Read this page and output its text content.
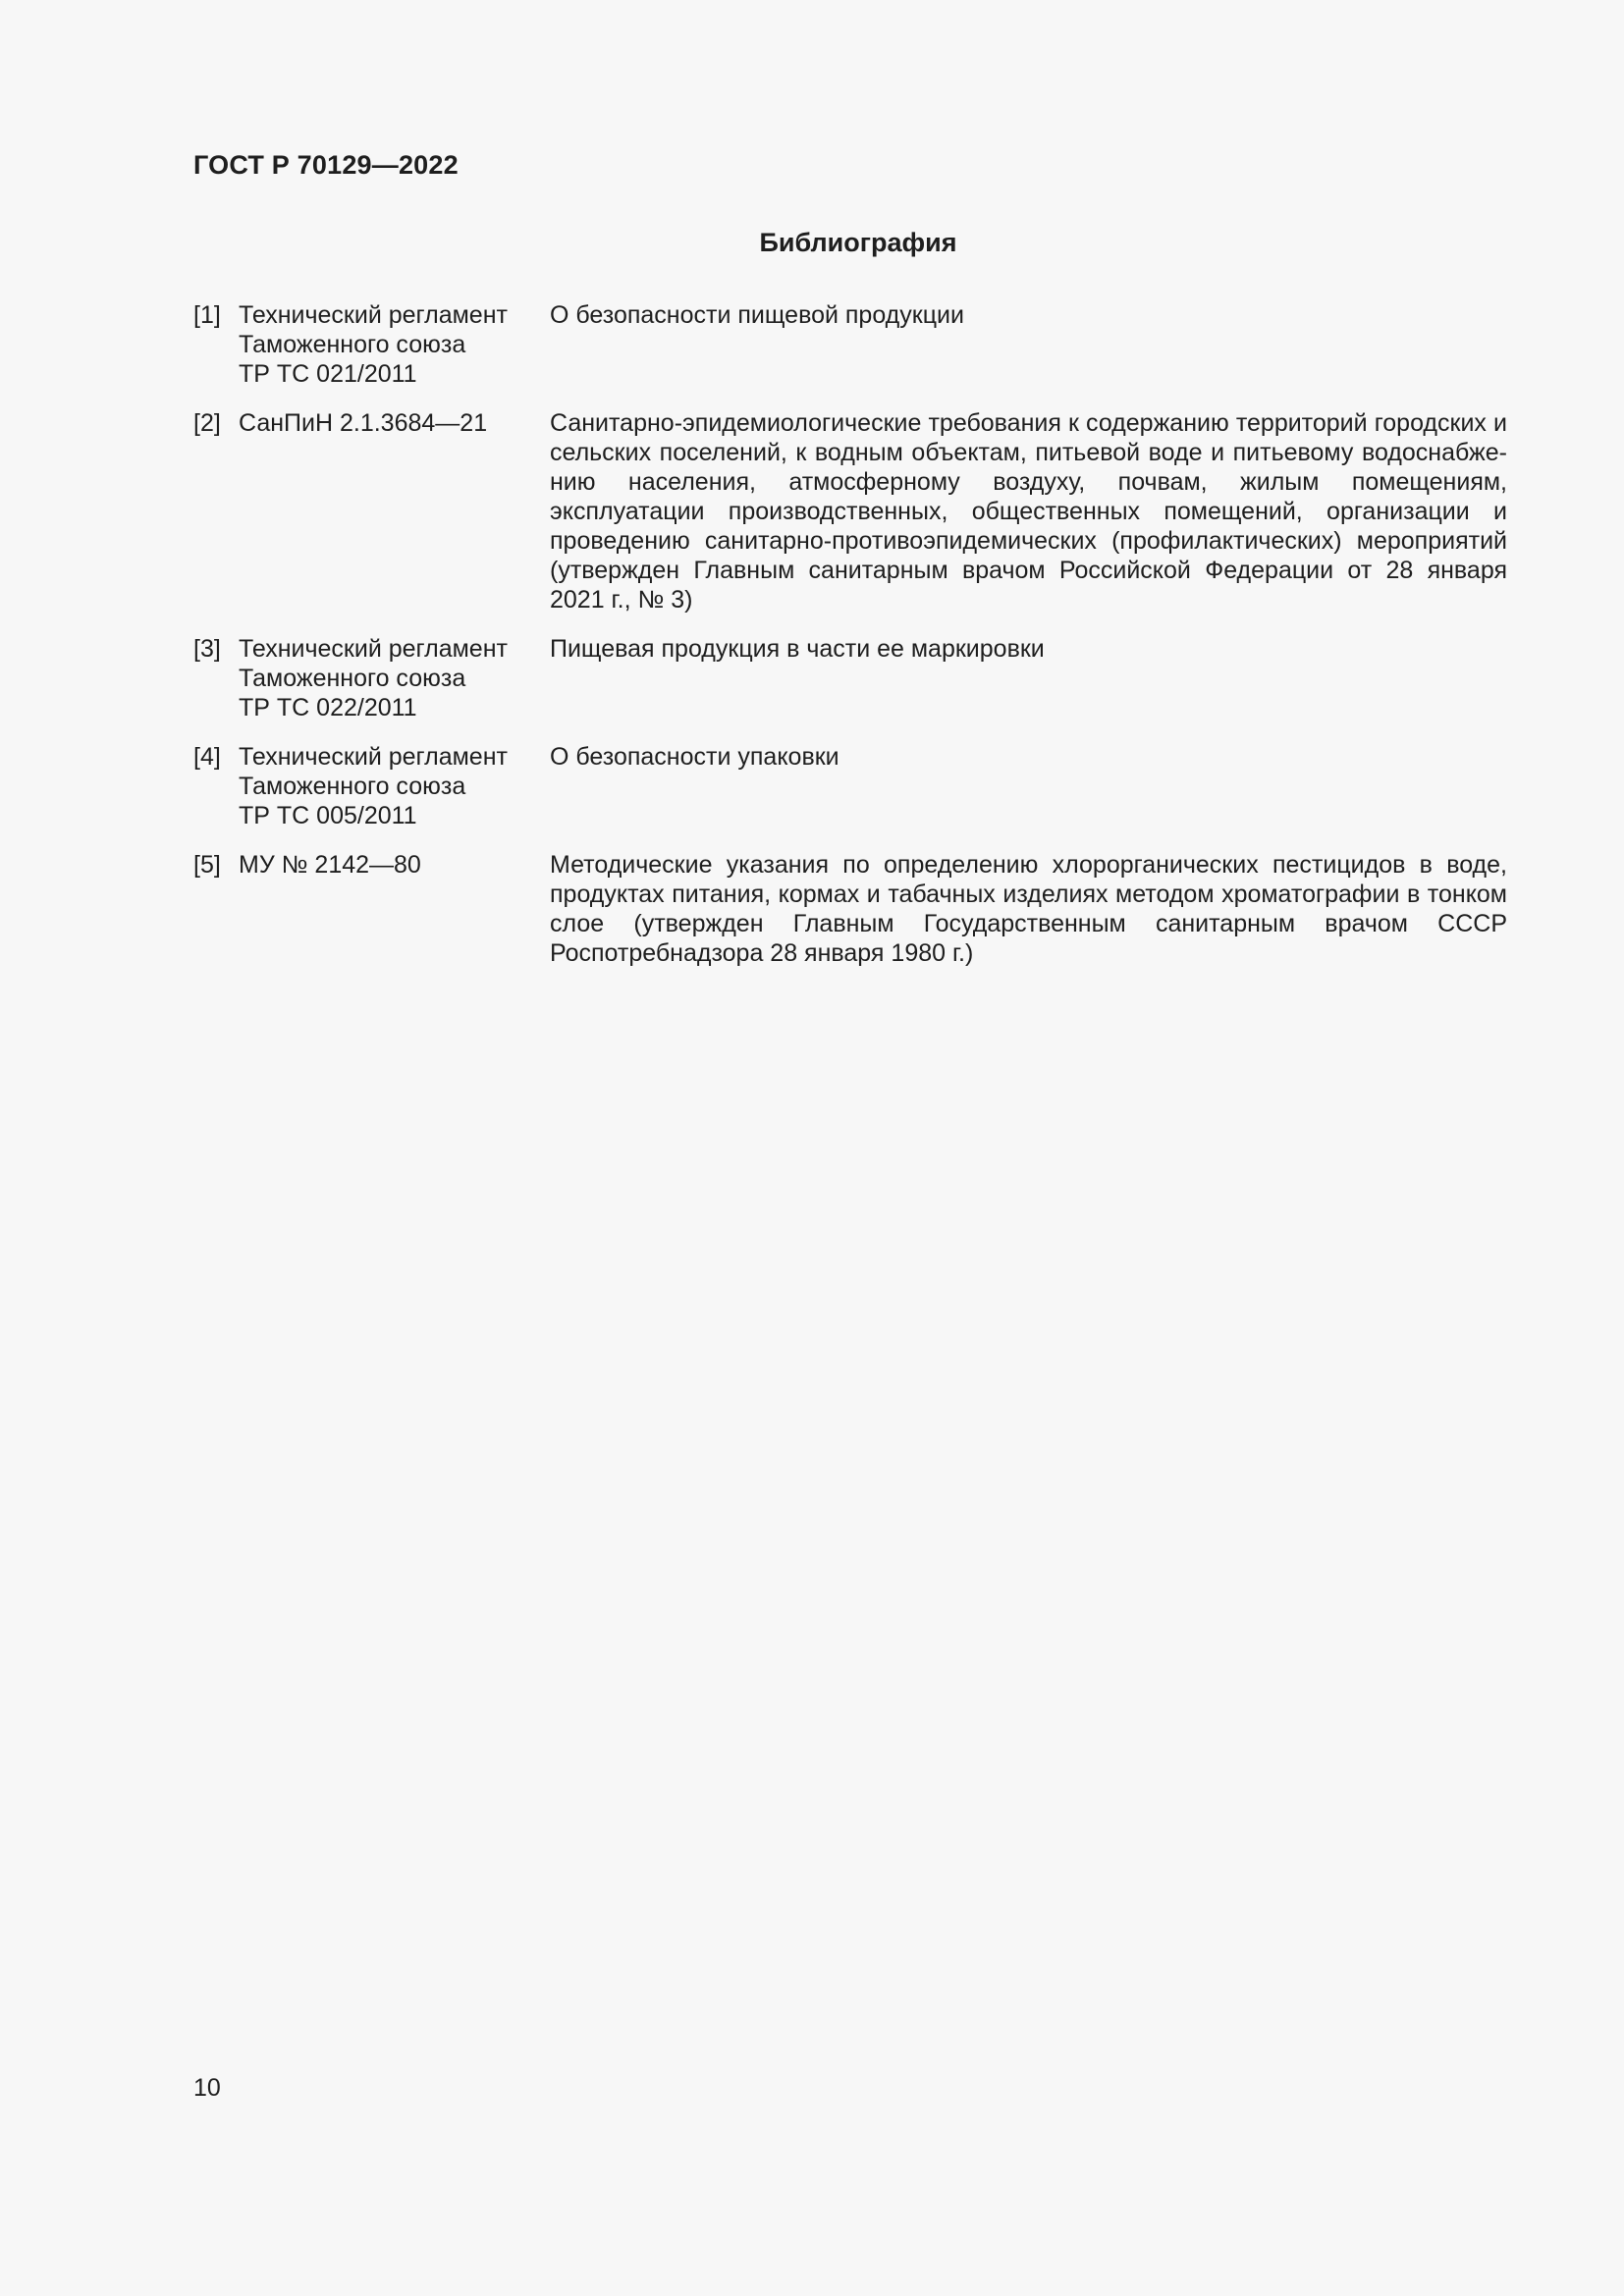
ГОСТ Р 70129—2022
Библиография
[1] Технический регламент
Таможенного союза
ТР ТС 021/2011
О безопасности пищевой продукции
[2] СанПиН 2.1.3684—21	Санитарно-эпидемиологические требования к содержанию территорий городских и сельских поселений, к водным объектам, питьевой воде и питьевому водоснабжению населения, атмосферному воздуху, почвам, жилым помещениям, эксплуатации производственных, общественных помещений, организации и проведению санитарно-противоэпидемических (профилактических) мероприятий (утвержден Главным санитарным врачом Российской Федерации от 28 января 2021 г., № 3)
[3] Технический регламент
Таможенного союза
ТР ТС 022/2011
Пищевая продукция в части ее маркировки
[4] Технический регламент
Таможенного союза
ТР ТС 005/2011
О безопасности упаковки
[5] МУ № 2142—80	Методические указания по определению хлорорганических пестицидов в воде, продуктах питания, кормах и табачных изделиях методом хроматографии в тонком слое (утвержден Главным Государственным санитарным врачом СССР Роспотребнадзора 28 января 1980 г.)
10
